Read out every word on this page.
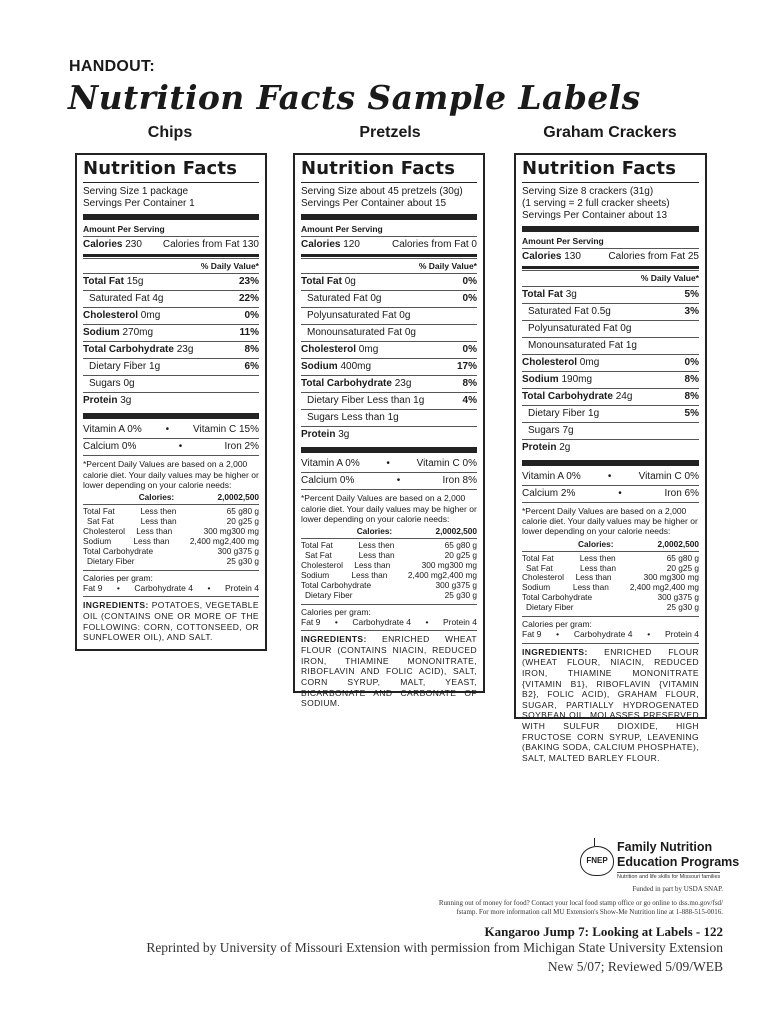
HANDOUT:
Nutrition Facts Sample Labels
Chips	Pretzels	Graham Crackers
Nutrition Facts
Serving Size 1 package
Servings Per Container 1
Amount Per Serving
Calories 230 Calories from Fat 130
% Daily Value*
Total Fat 15g	23%
Saturated Fat 4g	22%
Cholesterol 0mg	0%
Sodium 270mg	11%
Total Carbohydrate 23g	8%
Dietary Fiber 1g	6%
Sugars 0g
Protein 3g
Vitamin A 0% • Vitamin C 15%
Calcium 0%	•	Iron 2%
*Percent Daily Values are based on a 2,000 calorie diet. Your daily values may be higher or lower depending on your calorie needs:
Calories:	2,000 2,500
Total Fat	Less then	65 g 80 g
Sat Fat	Less than	20 g 25 g
Cholesterol	Less than	300 mg 300 mg
Sodium	Less than	2,400 mg 2,400 mg
Total Carbohydrate	300 g 375 g
Dietary Fiber	25 g 30 g
Calories per gram:
Fat 9 • Carbohydrate 4 • Protein 4
INGREDIENTS: POTATOES, VEGETABLE OIL (CONTAINS ONE OR MORE OF THE FOLLOWING: CORN, COTTONSEED, OR SUNFLOWER OIL), AND SALT.
Nutrition Facts
Serving Size about 45 pretzels (30g)
Servings Per Container about 15
Amount Per Serving
Calories 120	Calories from Fat 0
% Daily Value*
Total Fat 0g	0%
Saturated Fat 0g	0%
Polyunsaturated Fat 0g
Monounsaturated Fat 0g
Cholesterol 0mg	0%
Sodium 400mg	17%
Total Carbohydrate 23g	8%
Dietary Fiber Less than 1g	4%
Sugars Less than 1g
Protein 3g
Vitamin A 0%	•	Vitamin C 0%
Calcium 0%	•	Iron 8%
*Percent Daily Values are based on a 2,000 calorie diet. Your daily values may be higher or lower depending on your calorie needs:
Calories:	2,000 2,500
Total Fat	Less then	65 g 80 g
Sat Fat	Less than	20 g 25 g
Cholesterol	Less than	300 mg 300 mg
Sodium	Less than	2,400 mg 2,400 mg
Total Carbohydrate	300 g 375 g
Dietary Fiber	25 g 30 g
Calories per gram:
Fat 9 • Carbohydrate 4 • Protein 4
INGREDIENTS: ENRICHED WHEAT FLOUR (CONTAINS NIACIN, REDUCED IRON, THIAMINE MONONITRATE, RIBOFLAVIN AND FOLIC ACID), SALT, CORN SYRUP, MALT, YEAST, BICARBONATE AND CARBONATE OF SODIUM.
Nutrition Facts
Serving Size 8 crackers (31g)
(1 serving = 2 full cracker sheets)
Servings Per Container about 13
Amount Per Serving
Calories 130	Calories from Fat 25
% Daily Value*
Total Fat 3g	5%
Saturated Fat 0.5g	3%
Polyunsaturated Fat 0g
Monounsaturated Fat 1g
Cholesterol 0mg	0%
Sodium 190mg	8%
Total Carbohydrate 24g	8%
Dietary Fiber 1g	5%
Sugars 7g
Protein 2g
Vitamin A 0%	•	Vitamin C 0%
Calcium 2%	•	Iron 6%
*Percent Daily Values are based on a 2,000 calorie diet. Your daily values may be higher or lower depending on your calorie needs:
Calories:	2,000 2,500
Total Fat	Less then	65 g 80 g
Sat Fat	Less than	20 g 25 g
Cholesterol	Less than	300 mg 300 mg
Sodium	Less than	2,400 mg 2,400 mg
Total Carbohydrate	300 g 375 g
Dietary Fiber	25 g 30 g
Calories per gram:
Fat 9 • Carbohydrate 4 • Protein 4
INGREDIENTS: ENRICHED FLOUR (WHEAT FLOUR, NIACIN, REDUCED IRON, THIAMINE MONONITRATE {VITAMIN B1}, RIBOFLAVIN {VITAMIN B2}, FOLIC ACID), GRAHAM FLOUR, SUGAR, PARTIALLY HYDROGENATED SOYBEAN OIL, MOLASSES PRESERVED WITH SULFUR DIOXIDE, HIGH FRUCTOSE CORN SYRUP, LEAVENING (BAKING SODA, CALCIUM PHOSPHATE), SALT, MALTED BARLEY FLOUR.
FNEP
Family Nutrition
Education Programs
Nutrition and life skills for Missouri families
Funded in part by USDA SNAP.
Running out of money for food? Contact your local food stamp office or go online to dss.mo.gov/fsd/
fstamp. For more information call MU Extension's Show-Me Nutrition line at 1-888-515-0016.
Kangaroo Jump 7: Looking at Labels - 122
Reprinted by University of Missouri Extension with permission from Michigan State University Extension
New 5/07; Reviewed 5/09/WEB
